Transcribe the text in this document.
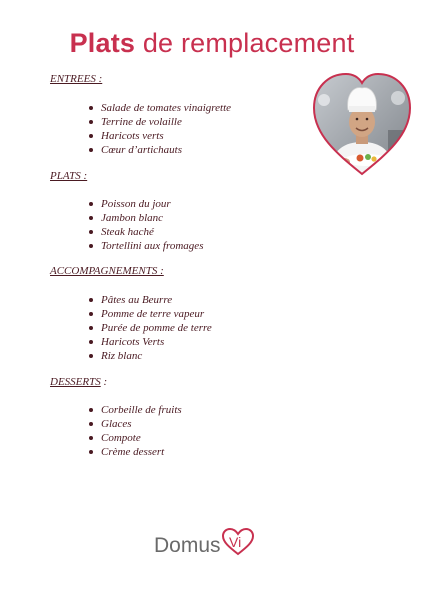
Plats de remplacement
ENTREES :
Salade de tomates vinaigrette
Terrine de volaille
Haricots verts
Cœur d’artichauts
PLATS :
Poisson du jour
Jambon blanc
Steak haché
Tortellini aux fromages
ACCOMPAGNEMENTS :
Pâtes au Beurre
Pomme de terre vapeur
Purée de pomme de terre
Haricots Verts
Riz blanc
DESSERTS :
Corbeille de fruits
Glaces
Compote
Crème dessert
Domus Vi
